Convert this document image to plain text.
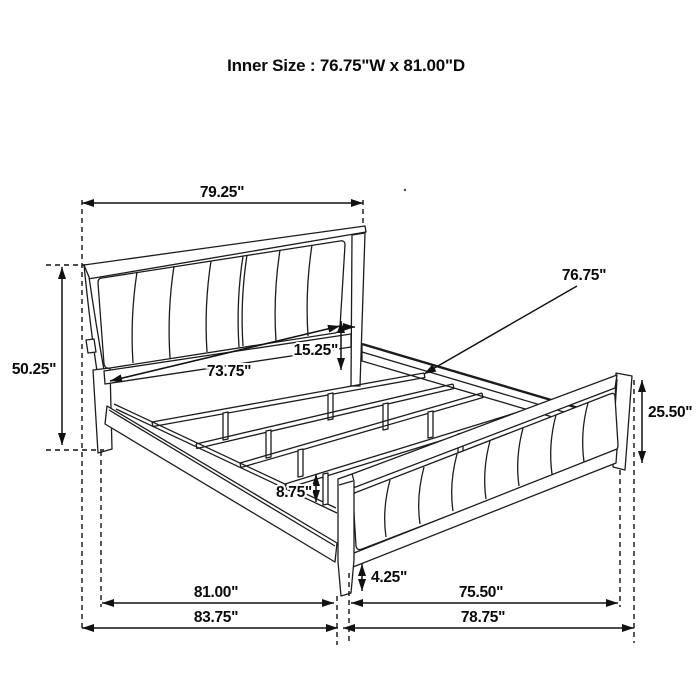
Inner Size : 76.75"W x 81.00"D
79.25"
50.25"	73.75"
15.25"
76.75"
25.50"
8.75"
4.25"
81.00"	75.50"
83.75"	78.75"
